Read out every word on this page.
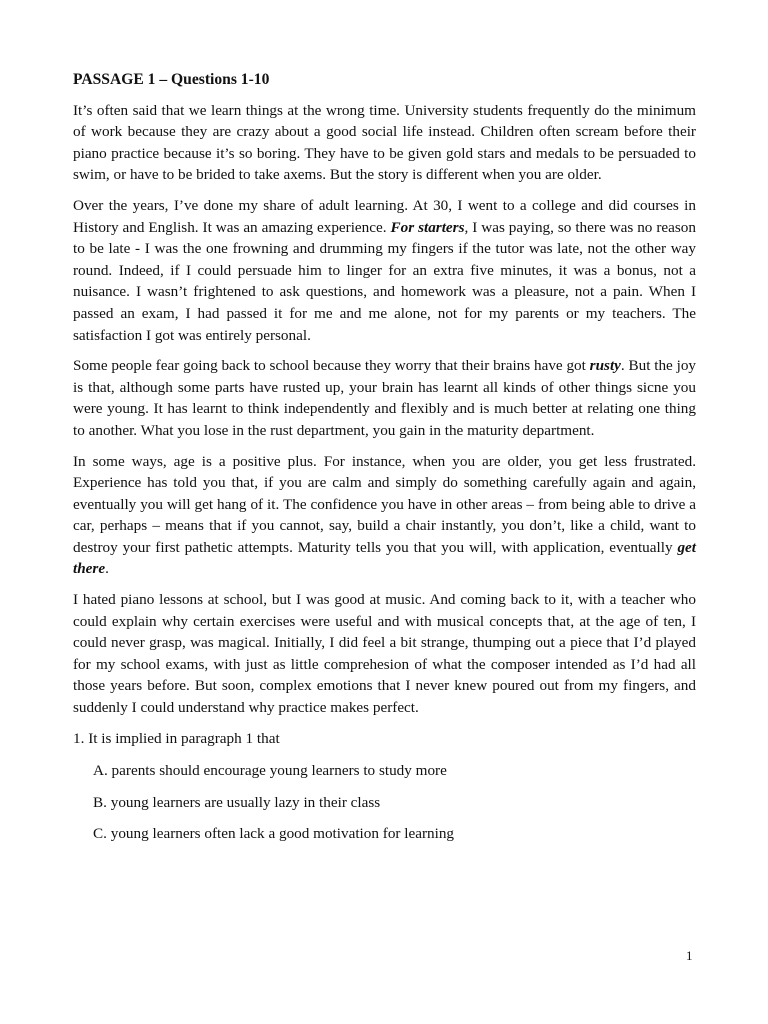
PASSAGE 1 – Questions 1-10

It’s often said that we learn things at the wrong time. University students frequently do the minimum of work because they are crazy about a good social life instead. Children often scream before their piano practice because it’s so boring. They have to be given gold stars and medals to be persuaded to swim, or have to be brided to take axems. But the story is different when you are older.

Over the years, I’ve done my share of adult learning. At 30, I went to a college and did courses in History and English. It was an amazing experience. For starters, I was paying, so there was no reason to be late - I was the one frowning and drumming my fingers if the tutor was late, not the other way round. Indeed, if I could persuade him to linger for an extra five minutes, it was a bonus, not a nuisance. I wasn’t frightened to ask questions, and homework was a pleasure, not a pain. When I passed an exam, I had passed it for me and me alone, not for my parents or my teachers. The satisfaction I got was entirely personal.

Some people fear going back to school because they worry that their brains have got rusty. But the joy is that, although some parts have rusted up, your brain has learnt all kinds of other things sicne you were young. It has learnt to think independently and flexibly and is much better at relating one thing to another. What you lose in the rust department, you gain in the maturity department.

In some ways, age is a positive plus. For instance, when you are older, you get less frustrated. Experience has told you that, if you are calm and simply do something carefully again and again, eventually you will get hang of it. The confidence you have in other areas – from being able to drive a car, perhaps – means that if you cannot, say, build a chair instantly, you don’t, like a child, want to destroy your first pathetic attempts. Maturity tells you that you will, with application, eventually get there.

I hated piano lessons at school, but I was good at music. And coming back to it, with a teacher who could explain why certain exercises were useful and with musical concepts that, at the age of ten, I could never grasp, was magical. Initially, I did feel a bit strange, thumping out a piece that I’d played for my school exams, with just as little comprehesion of what the composer intended as I’d had all those years before. But soon, complex emotions that I never knew poured out from my fingers, and suddenly I could understand why practice makes perfect.

1. It is implied in paragraph 1 that
A. parents should encourage young learners to study more
B. young learners are usually lazy in their class
C. young learners often lack a good motivation for learning
1
